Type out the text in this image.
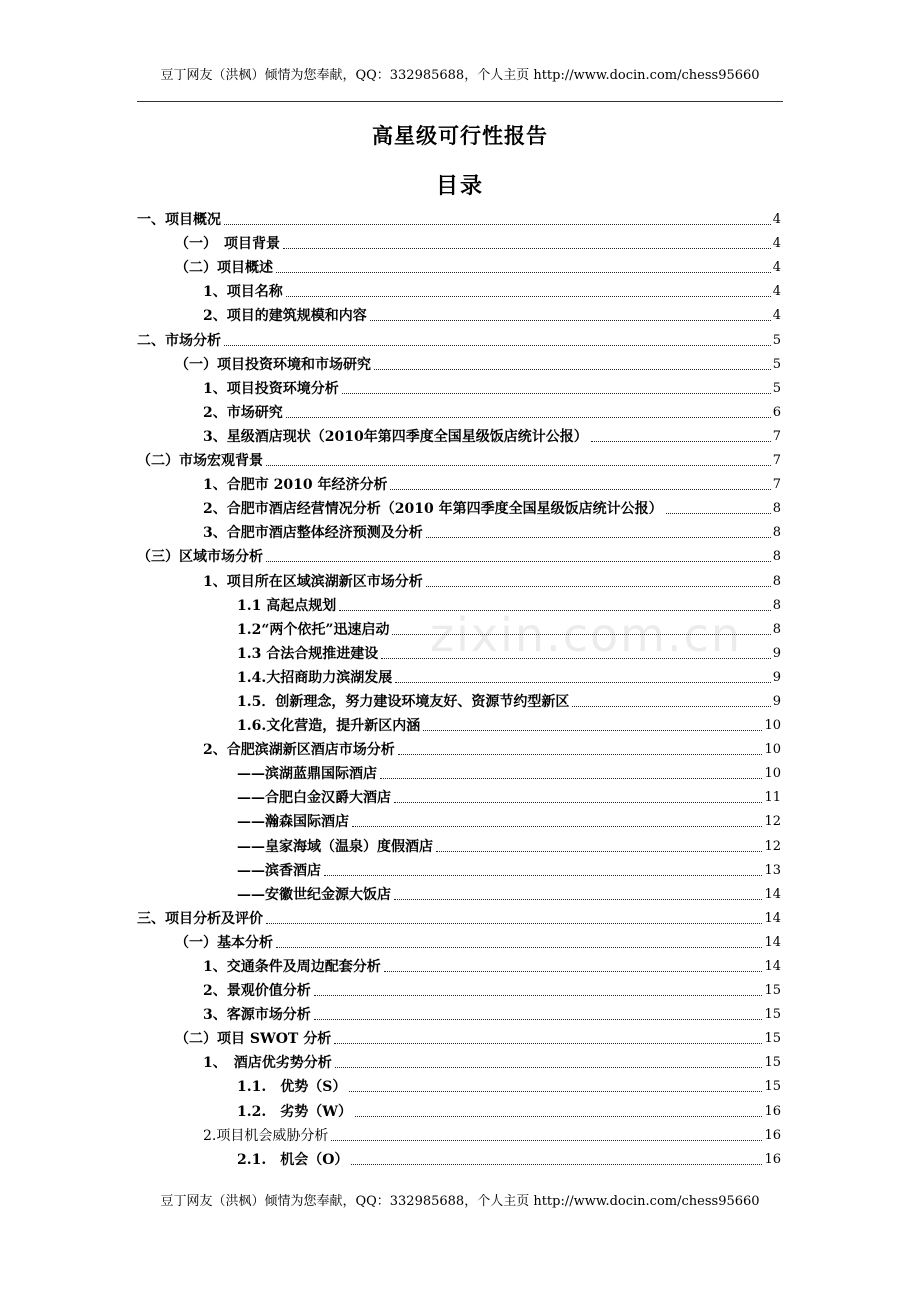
豆丁网友（洪枫）倾情为您奉献，QQ：332985688，个人主页 http://www.docin.com/chess95660
高星级可行性报告
目录
zixin.com.cn
一、项目概况	4
（一）　项目背景	4
（二）项目概述	4
1、项目名称	4
2、项目的建筑规模和内容	4
二、市场分析	5
（一）项目投资环境和市场研究	5
1、项目投资环境分析	5
2、市场研究	6
3、星级酒店现状（2010年第四季度全国星级饭店统计公报）	7
（二）市场宏观背景	7
1、合肥市 2010 年经济分析	7
2、合肥市酒店经营情况分析（2010 年第四季度全国星级饭店统计公报）	8
3、合肥市酒店整体经济预测及分析	8
（三）区域市场分析	8
1、项目所在区域滨湖新区市场分析	8
1.1 高起点规划	8
1.2“两个依托”迅速启动	8
1.3 合法合规推进建设	9
1.4.大招商助力滨湖发展	9
1.5．创新理念，努力建设环境友好、资源节约型新区	9
1.6.文化营造，提升新区内涵	10
2、合肥滨湖新区酒店市场分析	10
——滨湖蓝鼎国际酒店	10
——合肥白金汉爵大酒店	11
——瀚森国际酒店	12
——皇家海域（温泉）度假酒店	12
——滨香酒店	13
——安徽世纪金源大饭店	14
三、项目分析及评价	14
（一）基本分析	14
1、交通条件及周边配套分析	14
2、景观价值分析	15
3、客源市场分析	15
（二）项目 SWOT 分析	15
1、　酒店优劣势分析	15
1.1.　优势（S）	15
1.2.　劣势（W）	16
2.项目机会威胁分析	16
2.1.　机会（O）	16
豆丁网友（洪枫）倾情为您奉献，QQ：332985688，个人主页 http://www.docin.com/chess95660
